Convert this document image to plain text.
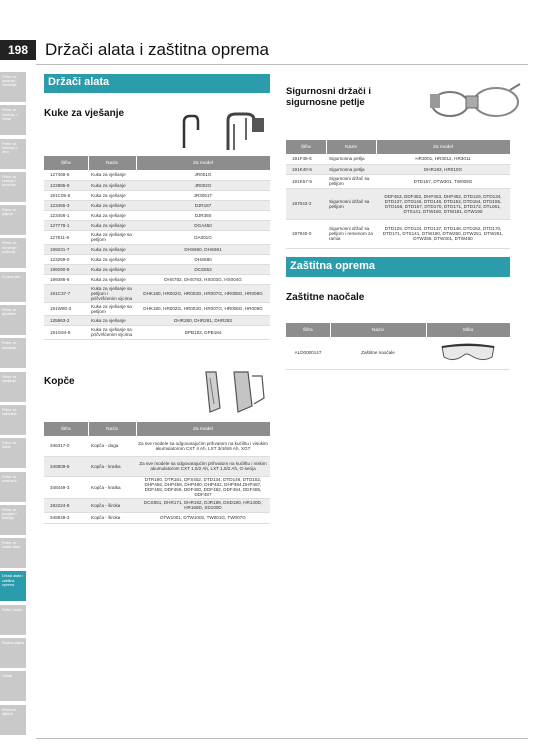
198 Držači alata i zaštitna oprema
Pribor za bušenje i štemanje
Pribor za bušenje u metal
Pribor za bušenje u drvo
Pribor za rezanje i brušenje
Pribor za piljenje
Pribor za brušenje i poliranje
Kružne pile
Pribor za glodalice
Pribor za blanjanje
Pribor za odvijanje
Pribor za zakivanje
Pribor za baštu
Pribor za usisivače
Pribor za punjače i baterije
Pribor za ostale alate
Držači alata i zaštitna oprema
Torbe i kofer
Radna odjeća
Ostalo
Rezervni dijelovi
Držači alata
Kuke za vješanje
Šifra	Naziv	Za model
127468-6	Kuka za vješanje	JR001G
122885-9	Kuka za vješanje	JR002G
191C05-8	Kuka za vješanje	JR3051T
123455-3	Kuka za vješanje	DJR187
123456-1	Kuka za vješanje	DJR360
127778-1	Kuka za vješanje	DGA450
127611-8	Kuka za vješanje sa petljom	DA001G
199231-7	Kuka za vješanje	DHS660, DHS661
123269-0	Kuka za vješanje	DHS680
199290-9	Kuka za vješanje	DCS553
199386-8	Kuka za vješanje	DHS782, DHS783, HS003G, HS004G
191C37-7	Kuka za vješanje sa petljom i pričvršćenim vijcima	DHK180, HR002G, HR003G, HR007G, HR008G, HR009G
191W80-3	Kuka za vješanje sa petljom	DHK180, HR002G, HR003G, HR007G, HR008G, HR009G
135863-2	Kuka za vješanje	DHR280, DHR281, DHR283
191G64-8	Kuka za vješanje sa pričvršćenim vijcima	DPB183, DPB184
Kopče
Šifra	Naziv	Za model
346317-0	Kopča - duga	Za sve modele sa odgovarajućim prihvatom na kućištu i visokim akumulatorom CXT 4 Ah, LXT 3/4/5/6 Ah, XGT
346809-5	Kopča - kratka	Za sve modele sa odgovarajućim prihvatom na kućištu i niskim akumulatorom CXT 1,5/2 Ah, LXT 1,5/2 Ah, G-serija
348449-3	Kopča - kratka	DTR180, DTR181, DFS452, DTD134, DTD146, DTD152, DHP456, DHP458, DHP480, DHP482, DHP484,DHP487, DDF458, DDF459, DDF480, DDF482, DDF484, DDF485, DDF487
192224-8	Kopča - široka	DCS551, DHR171, DHR182, DJR189, DSD180, HR140D, HR166D, SD100D
348949-3	Kopča - široka	DTW1001, DTW1002, TW001G, TW007G
Sigurnosni držači i sigurnosne petlje
Šifra	Naziv	Za model
191F45-6	Sigurnosna petlja	HR3001, HR3012, HR3011
191K40-5	Sigurnosna petlja	DHR183, HR010G
191K57-9	Sigurnosni držač sa petljom	DTD157, DTW301, TW009G
197043-2	Sigurnosni držač sa petljom	DDF453, DDF482, DHP453, DHP482, DTD129, DTD134, DTD137, DTD146, DTD148, DTD153, DTD154, DTD155, DTD156, DTD157, DTD170, DTD171, DTD172, DTL061, DTS141, DTW180, DTW181, DTW190
197940-0	Sigurnosni držač sa petljom i remenom za ramia	DTD129, DTD134, DTD137, DTD148, DTD152, DTD170, DTD171, DTS141, DTW180, DTW250, DTW251, DTW281, DTW285, DTW301, DTW450
Zaštitna oprema
Zaštitne naočale
Šifra	Naziv	Slika
ALD0000147	Zaštitne naočale	
